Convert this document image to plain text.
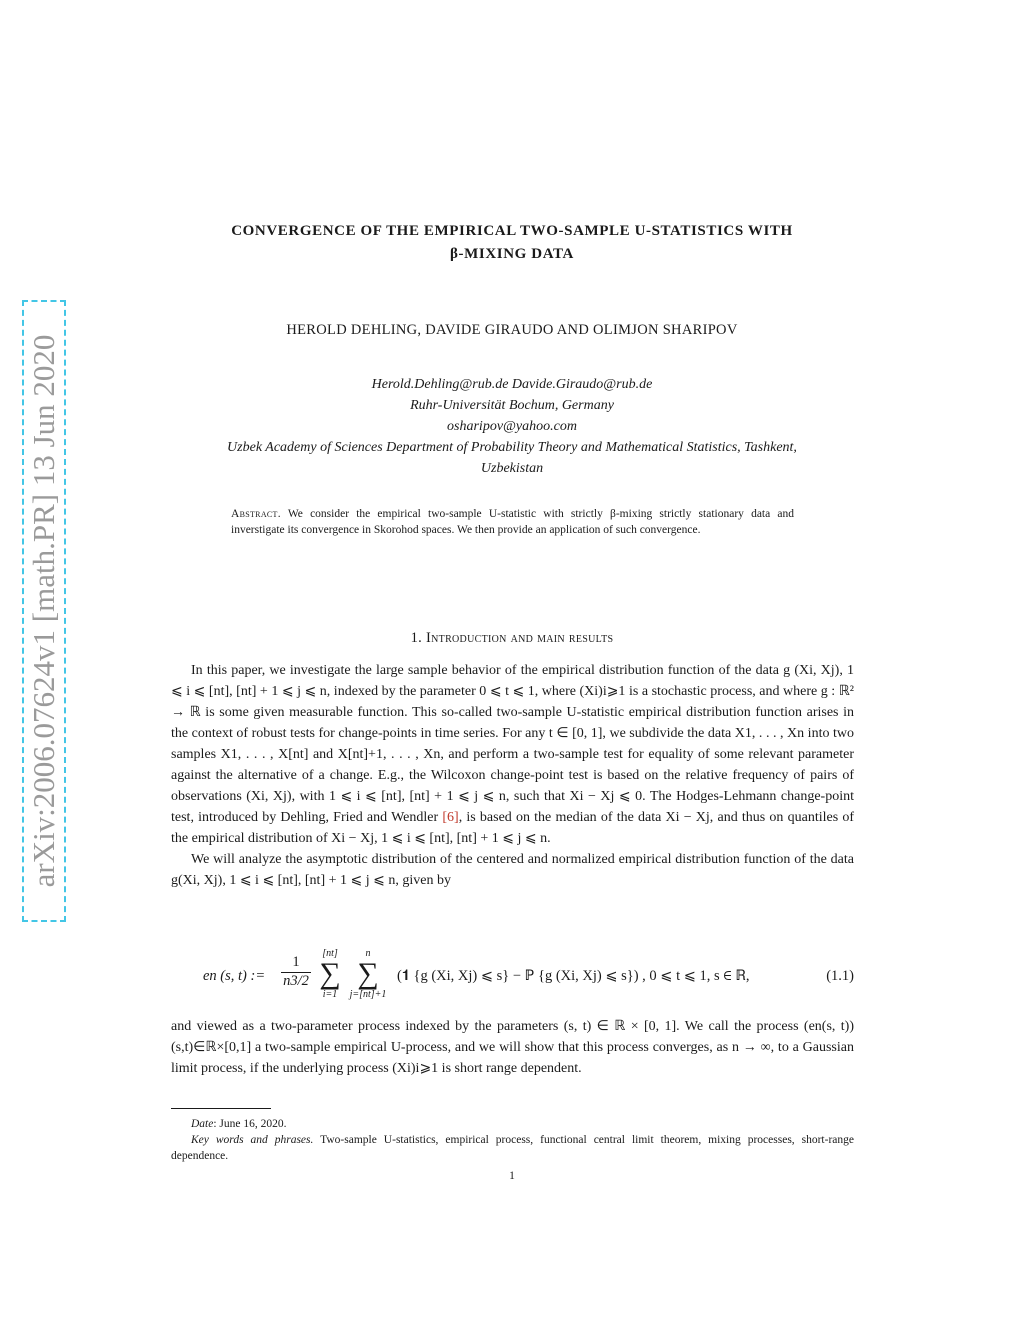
arXiv:2006.07624v1 [math.PR] 13 Jun 2020
CONVERGENCE OF THE EMPIRICAL TWO-SAMPLE U-STATISTICS WITH
β-MIXING DATA
HEROLD DEHLING, DAVIDE GIRAUDO AND OLIMJON SHARIPOV
Herold.Dehling@rub.de Davide.Giraudo@rub.de
Ruhr-Universität Bochum, Germany
osharipov@yahoo.com
Uzbek Academy of Sciences Department of Probability Theory and Mathematical Statistics, Tashkent,
Uzbekistan
Abstract. We consider the empirical two-sample U-statistic with strictly β-mixing strictly stationary data and inverstigate its convergence in Skorohod spaces. We then provide an application of such convergence.
1. Introduction and main results

In this paper, we investigate the large sample behavior of the empirical distribution function of the data g (Xi, Xj), 1 ⩽ i ⩽ [nt], [nt] + 1 ⩽ j ⩽ n, indexed by the parameter 0 ⩽ t ⩽ 1, where (Xi)i⩾1 is a stochastic process, and where g : ℝ² → ℝ is some given measurable function. This so-called two-sample U-statistic empirical distribution function arises in the context of robust tests for change-points in time series. For any t ∈ [0, 1], we subdivide the data X1, . . . , Xn into two samples X1, . . . , X[nt] and X[nt]+1, . . . , Xn, and perform a two-sample test for equality of some relevant parameter against the alternative of a change. E.g., the Wilcoxon change-point test is based on the relative frequency of pairs of observations (Xi, Xj), with 1 ⩽ i ⩽ [nt], [nt] + 1 ⩽ j ⩽ n, such that Xi − Xj ⩽ 0. The Hodges-Lehmann change-point test, introduced by Dehling, Fried and Wendler [6], is based on the median of the data Xi − Xj, and thus on quantiles of the empirical distribution of Xi − Xj, 1 ⩽ i ⩽ [nt], [nt] + 1 ⩽ j ⩽ n.

We will analyze the asymptotic distribution of the centered and normalized empirical distribution function of the data g(Xi, Xj), 1 ⩽ i ⩽ [nt], [nt] + 1 ⩽ j ⩽ n, given by

en (s, t) := $\frac{1}{n3/2}$
[nt]
∑
i=1
n
∑
j=[nt]+1
(𝟏 {g (Xi, Xj) ⩽ s} − ℙ {g (Xi, Xj) ⩽ s}) , 0 ⩽ t ⩽ 1, s ∈ ℝ,	(1.1)

and viewed as a two-parameter process indexed by the parameters (s, t) ∈ ℝ × [0, 1]. We call the process (en(s, t))(s,t)∈ℝ×[0,1] a two-sample empirical U-process, and we will show that this process converges, as n → ∞, to a Gaussian limit process, if the underlying process (Xi)i⩾1 is short range dependent.

Date: June 16, 2020.
Key words and phrases. Two-sample U-statistics, empirical process, functional central limit theorem, mixing processes, short-range dependence.
1
